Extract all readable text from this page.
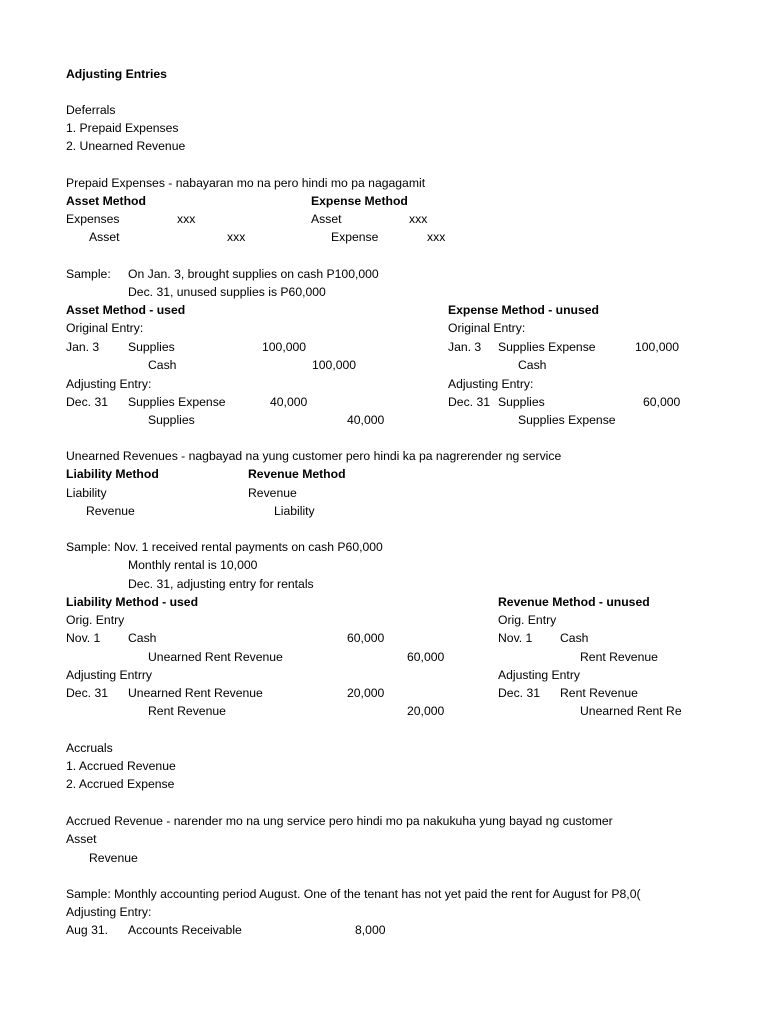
Adjusting Entries
Deferrals
1. Prepaid Expenses
2. Unearned Revenue
Prepaid Expenses - nabayaran mo na pero hindi mo pa nagagamit
Asset Method	Expense Method
Expenses	xxx	Asset	xxx
Asset	xxx	Expense	xxx
Sample: On Jan. 3, brought supplies on cash P100,000
Dec. 31, unused supplies is P60,000
Asset Method - used
Original Entry:
Jan. 3 Supplies	100,000
Cash	100,000
Adjusting Entry:
Dec. 31 Supplies Expense	40,000
Supplies	40,000
Expense Method - unused
Original Entry:
Jan. 3 Supplies Expense	100,000
Cash
Adjusting Entry:
Dec. 31 Supplies	60,000
Supplies Expense
Unearned Revenues - nagbayad na yung customer pero hindi ka pa nagrerender ng service
Liability Method	Revenue Method
Liability	Revenue
Revenue	Liability
Sample: Nov. 1 received rental payments on cash P60,000
Monthly rental is 10,000
Dec. 31, adjusting entry for rentals
Liability Method - used
Orig. Entry
Nov. 1 Cash	60,000
Unearned Rent Revenue	60,000
Adjusting Entrry
Dec. 31 Unearned Rent Revenue	20,000
Rent Revenue	20,000
Revenue Method - unused
Orig. Entry
Nov. 1 Cash
Rent Revenue
Adjusting Entry
Dec. 31 Rent Revenue
Unearned Rent Re
Accruals
1. Accrued Revenue
2. Accrued Expense
Accrued Revenue - narender mo na ung service pero hindi mo pa nakukuha yung bayad ng customer
Asset
Revenue
Sample: Monthly accounting period August. One of the tenant has not yet paid the rent for August for P8,0(
Adjusting Entry:
Aug 31. Accounts Receivable	8,000
